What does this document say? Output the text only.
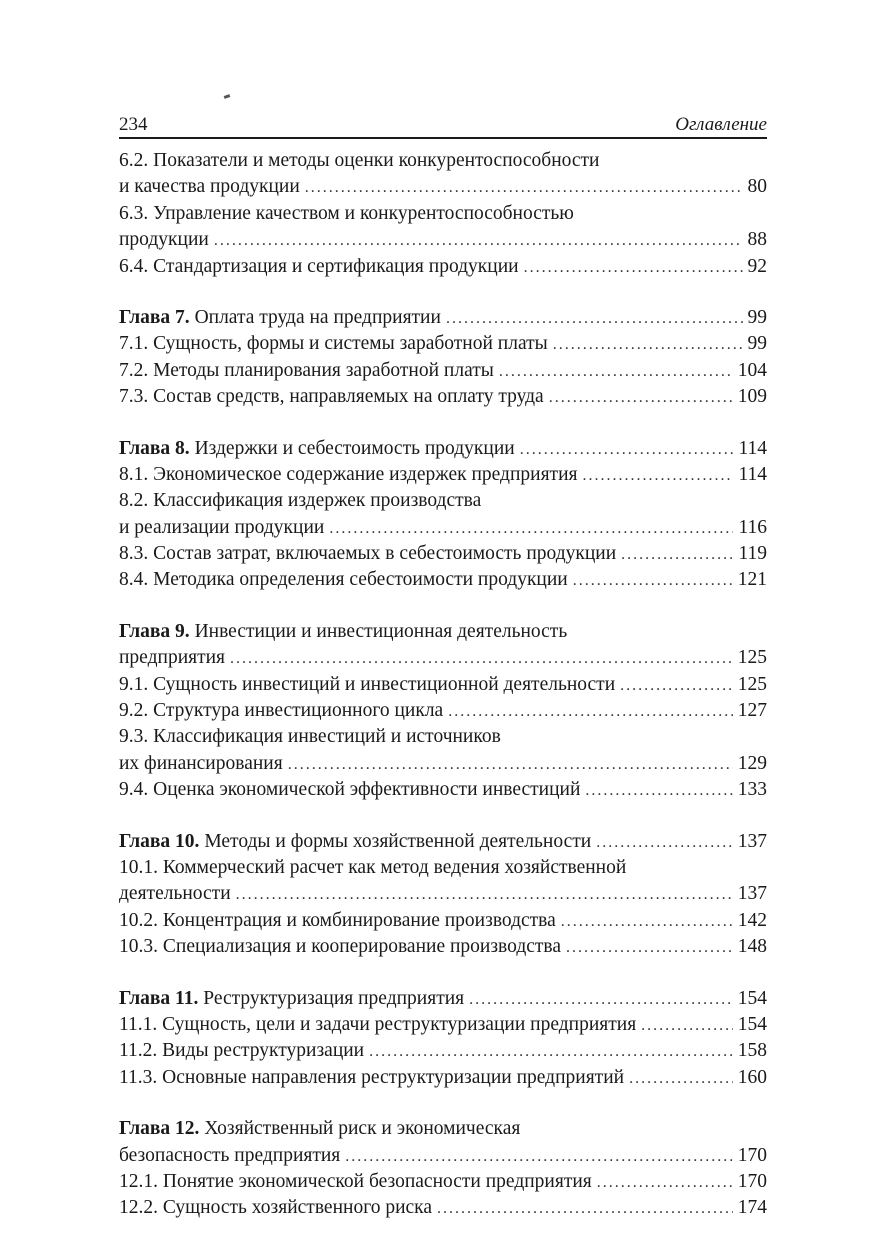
234	Оглавление
6.2. Показатели и методы оценки конкурентоспособности
и качества продукции .....	80
6.3. Управление качеством и конкурентоспособностью
продукции .....	88
6.4. Стандартизация и сертификация продукции .....	92
Глава 7. Оплата труда на предприятии .....	99
7.1. Сущность, формы и системы заработной платы .....	99
7.2. Методы планирования заработной платы .....	104
7.3. Состав средств, направляемых на оплату труда .....	109
Глава 8. Издержки и себестоимость продукции .....	114
8.1. Экономическое содержание издержек предприятия .....	114
8.2. Классификация издержек производства
и реализации продукции .....	116
8.3. Состав затрат, включаемых в себестоимость продукции .....	119
8.4. Методика определения себестоимости продукции .....	121
Глава 9. Инвестиции и инвестиционная деятельность
предприятия .....	125
9.1. Сущность инвестиций и инвестиционной деятельности .....	125
9.2. Структура инвестиционного цикла .....	127
9.3. Классификация инвестиций и источников
их финансирования .....	129
9.4. Оценка экономической эффективности инвестиций .....	133
Глава 10. Методы и формы хозяйственной деятельности .....	137
10.1. Коммерческий расчет как метод ведения хозяйственной
деятельности .....	137
10.2. Концентрация и комбинирование производства .....	142
10.3. Специализация и кооперирование производства .....	148
Глава 11. Реструктуризация предприятия .....	154
11.1. Сущность, цели и задачи реструктуризации предприятия .....	154
11.2. Виды реструктуризации .....	158
11.3. Основные направления реструктуризации предприятий .....	160
Глава 12. Хозяйственный риск и экономическая
безопасность предприятия .....	170
12.1. Понятие экономической безопасности предприятия .....	170
12.2. Сущность хозяйственного риска .....	174
